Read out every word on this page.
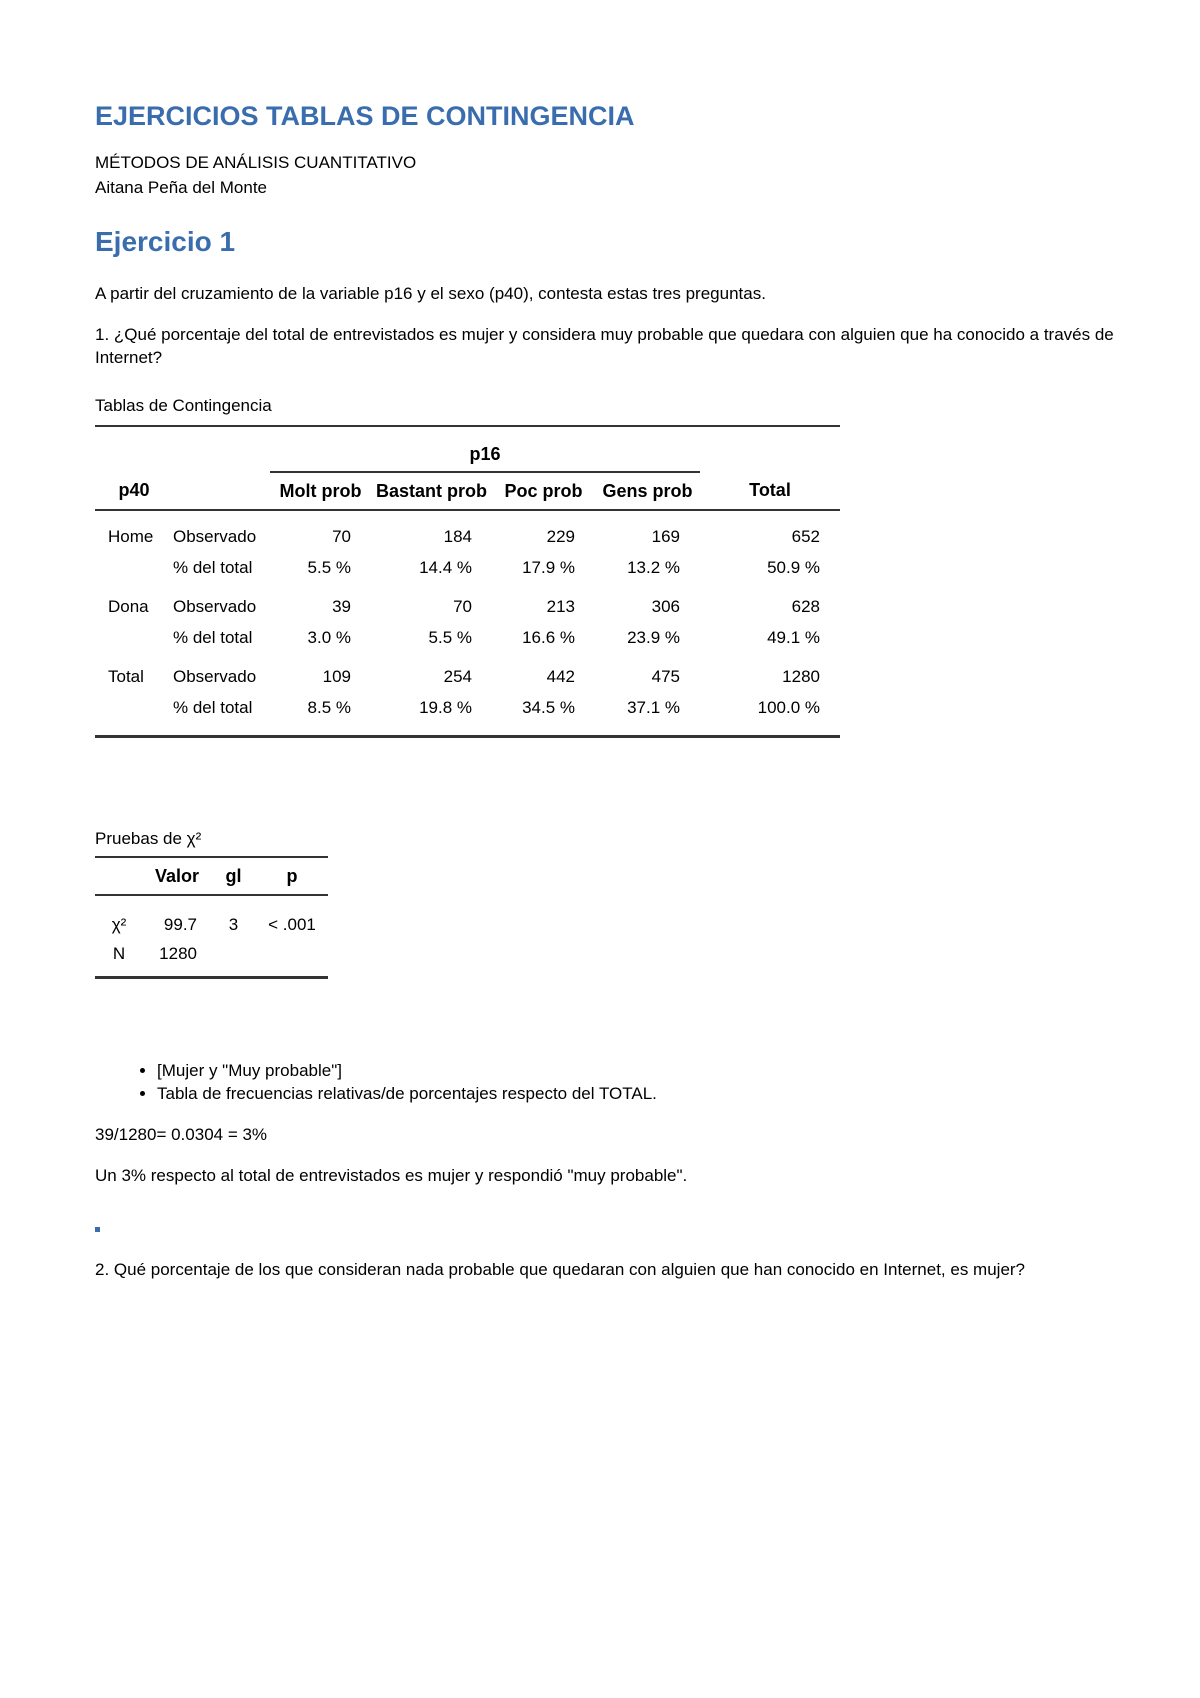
EJERCICIOS TABLAS DE CONTINGENCIA
MÉTODOS DE ANÁLISIS CUANTITATIVO
Aitana Peña del Monte
Ejercicio 1

A partir del cruzamiento de la variable p16 y el sexo (p40), contesta estas tres preguntas.

1. ¿Qué porcentaje del total de entrevistados es mujer y considera muy probable que quedara con alguien que ha conocido a través de Internet?

Tablas de Contingencia

		p16				
p40		Molt prob	Bastant prob	Poc prob	Gens prob	Total
Home	Observado	70	184	229	169	652
	% del total	5.5 %	14.4 %	17.9 %	13.2 %	50.9 %

Dona	Observado	39	70	213	306	628
	% del total	3.0 %	5.5 %	16.6 %	23.9 %	49.1 %

Total	Observado	109	254	442	475	1280
	% del total	8.5 %	19.8 %	34.5 %	37.1 %	100.0 %
Pruebas de χ²
	Valor	gl	p
χ²	99.7	3	< .001
N	1280		
• [Mujer y "Muy probable"]
• Tabla de frecuencias relativas/de porcentajes respecto del TOTAL.

39/1280= 0.0304 = 3%

Un 3% respecto al total de entrevistados es mujer y respondió "muy probable".

2. Qué porcentaje de los que consideran nada probable que quedaran con alguien que han conocido en Internet, es mujer?
